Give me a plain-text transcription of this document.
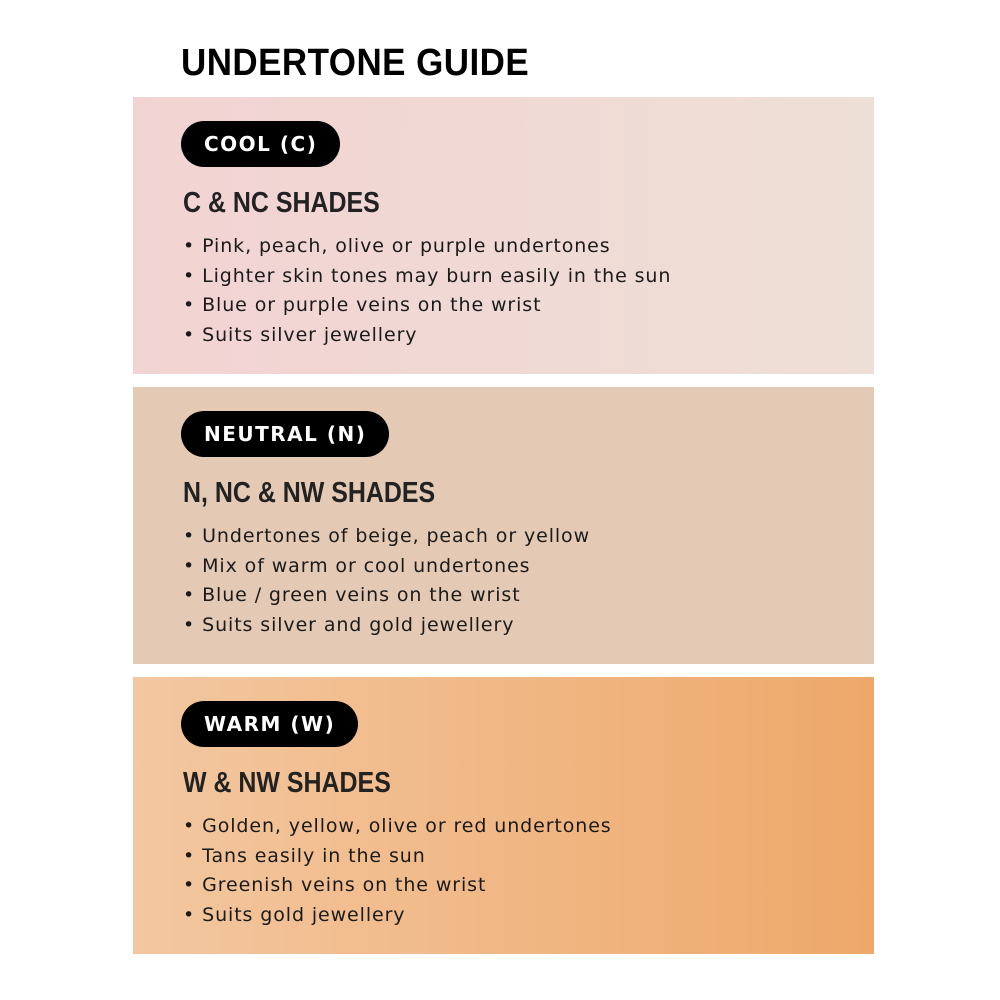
UNDERTONE GUIDE
COOL (C)
C & NC SHADES
• Pink, peach, olive or purple undertones
• Lighter skin tones may burn easily in the sun
• Blue or purple veins on the wrist
• Suits silver jewellery
NEUTRAL (N)
N, NC & NW SHADES
• Undertones of beige, peach or yellow
• Mix of warm or cool undertones
• Blue / green veins on the wrist
• Suits silver and gold jewellery
WARM (W)
W & NW SHADES
• Golden, yellow, olive or red undertones
• Tans easily in the sun
• Greenish veins on the wrist
• Suits gold jewellery
